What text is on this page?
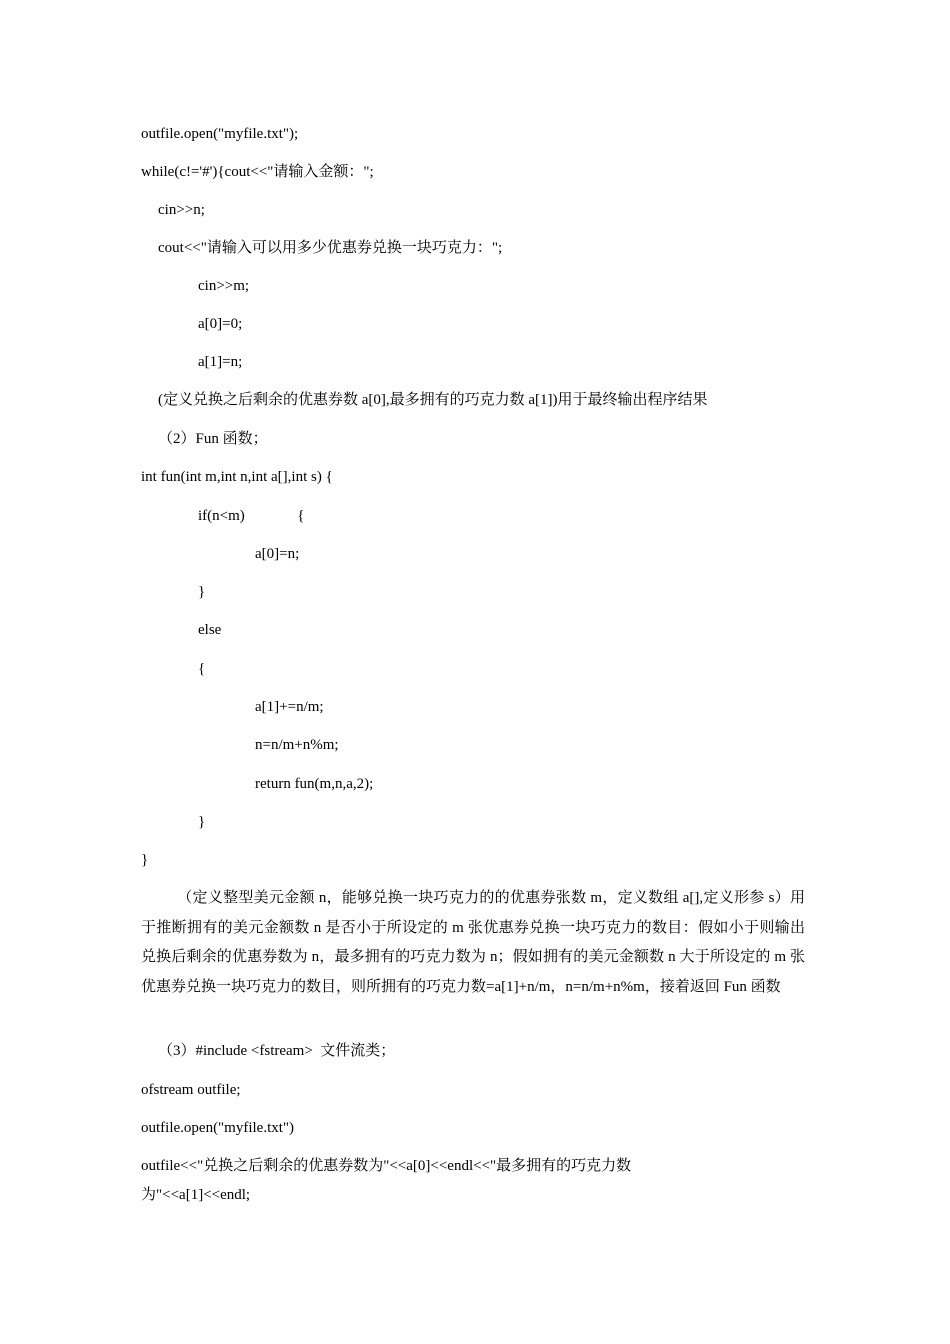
outfile.open("myfile.txt");
while(c!='#'){cout<<"请输入金额：";
cin>>n;
cout<<"请输入可以用多少优惠券兑换一块巧克力：";
cin>>m;
a[0]=0;
a[1]=n;
(定义兑换之后剩余的优惠券数 a[0],最多拥有的巧克力数 a[1])用于最终输出程序结果
（2）Fun 函数；
int fun(int m,int n,int a[],int s) {
if(n<m)              {
a[0]=n;
}
else
{
a[1]+=n/m;
n=n/m+n%m;
return fun(m,n,a,2);
}
}
（定义整型美元金额 n，能够兑换一块巧克力的的优惠券张数 m，定义数组 a[],定义形参 s）用于推断拥有的美元金额数 n 是否小于所设定的 m 张优惠券兑换一块巧克力的数目：假如小于则输出兑换后剩余的优惠券数为 n，最多拥有的巧克力数为 n；假如拥有的美元金额数 n 大于所设定的 m 张优惠券兑换一块巧克力的数目，则所拥有的巧克力数=a[1]+n/m，n=n/m+n%m，接着返回 Fun 函数
（3）#include <fstream>  文件流类；
ofstream outfile;
outfile.open("myfile.txt")
outfile<<"兑换之后剩余的优惠券数为"<<a[0]<<endl<<"最多拥有的巧克力数
为"<<a[1]<<endl;
